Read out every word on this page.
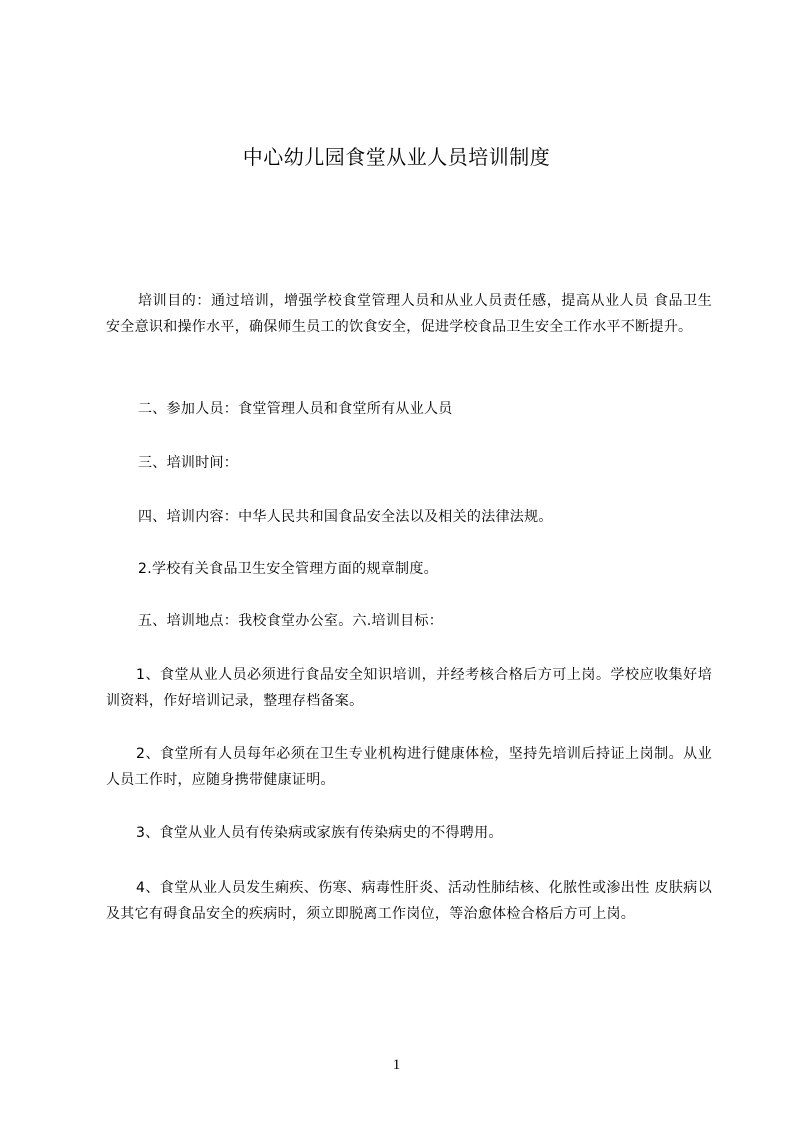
中心幼儿园食堂从业人员培训制度

培训目的：通过培训，增强学校食堂管理人员和从业人员责任感，提高从业人员 食品卫生安全意识和操作水平，确保师生员工的饮食安全，促进学校食品卫生安全工作水平不断提升。

二、参加人员：食堂管理人员和食堂所有从业人员

三、培训时间：

四、培训内容：中华人民共和国食品安全法以及相关的法律法规。

2.学校有关食品卫生安全管理方面的规章制度。

五、培训地点：我校食堂办公室。六.培训目标：

1、食堂从业人员必须进行食品安全知识培训，并经考核合格后方可上岗。学校应收集好培训资料，作好培训记录，整理存档备案。

2、食堂所有人员每年必须在卫生专业机构进行健康体检，坚持先培训后持证上岗制。从业人员工作时，应随身携带健康证明。

3、食堂从业人员有传染病或家族有传染病史的不得聘用。

4、食堂从业人员发生痢疾、伤寒、病毒性肝炎、活动性肺结核、化脓性或渗出性 皮肤病以及其它有碍食品安全的疾病时，须立即脱离工作岗位，等治愈体检合格后方可上岗。

1
